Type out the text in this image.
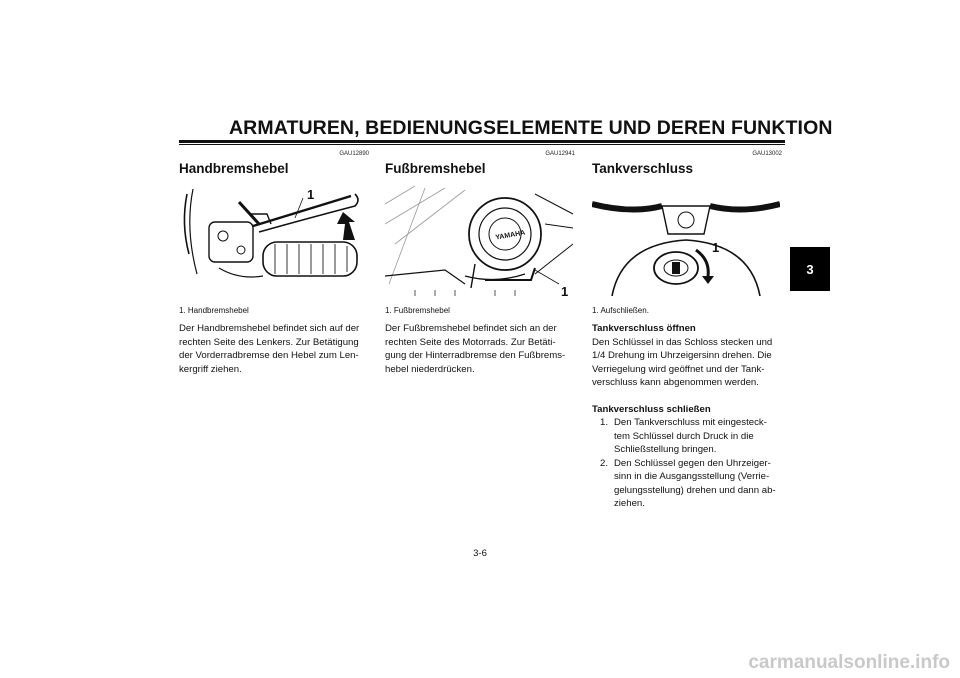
ARMATUREN, BEDIENUNGSELEMENTE UND DEREN FUNKTION
3
GAU12890
Handbremshebel
1
1. Handbremshebel
Der Handbremshebel befindet sich auf der rechten Seite des Lenkers. Zur Betätigung der Vorderradbremse den Hebel zum Len-kergriff ziehen.
GAU12941
Fußbremshebel
YAMAHA
1
1. Fußbremshebel
Der Fußbremshebel befindet sich an der rechten Seite des Motorrads. Zur Betäti-gung der Hinterradbremse den Fußbrems-hebel niederdrücken.
GAU13002
Tankverschluss
1
1. Aufschließen.
Tankverschluss öffnen
Den Schlüssel in das Schloss stecken und 1/4 Drehung im Uhrzeigersinn drehen. Die Verriegelung wird geöffnet und der Tank-verschluss kann abgenommen werden.
Tankverschluss schließen
1. Den Tankverschluss mit eingesteck-tem Schlüssel durch Druck in die Schließstellung bringen.
2. Den Schlüssel gegen den Uhrzeiger-sinn in die Ausgangsstellung (Verrie-gelungsstellung) drehen und dann ab-ziehen.
3-6
carmanualsonline.info
